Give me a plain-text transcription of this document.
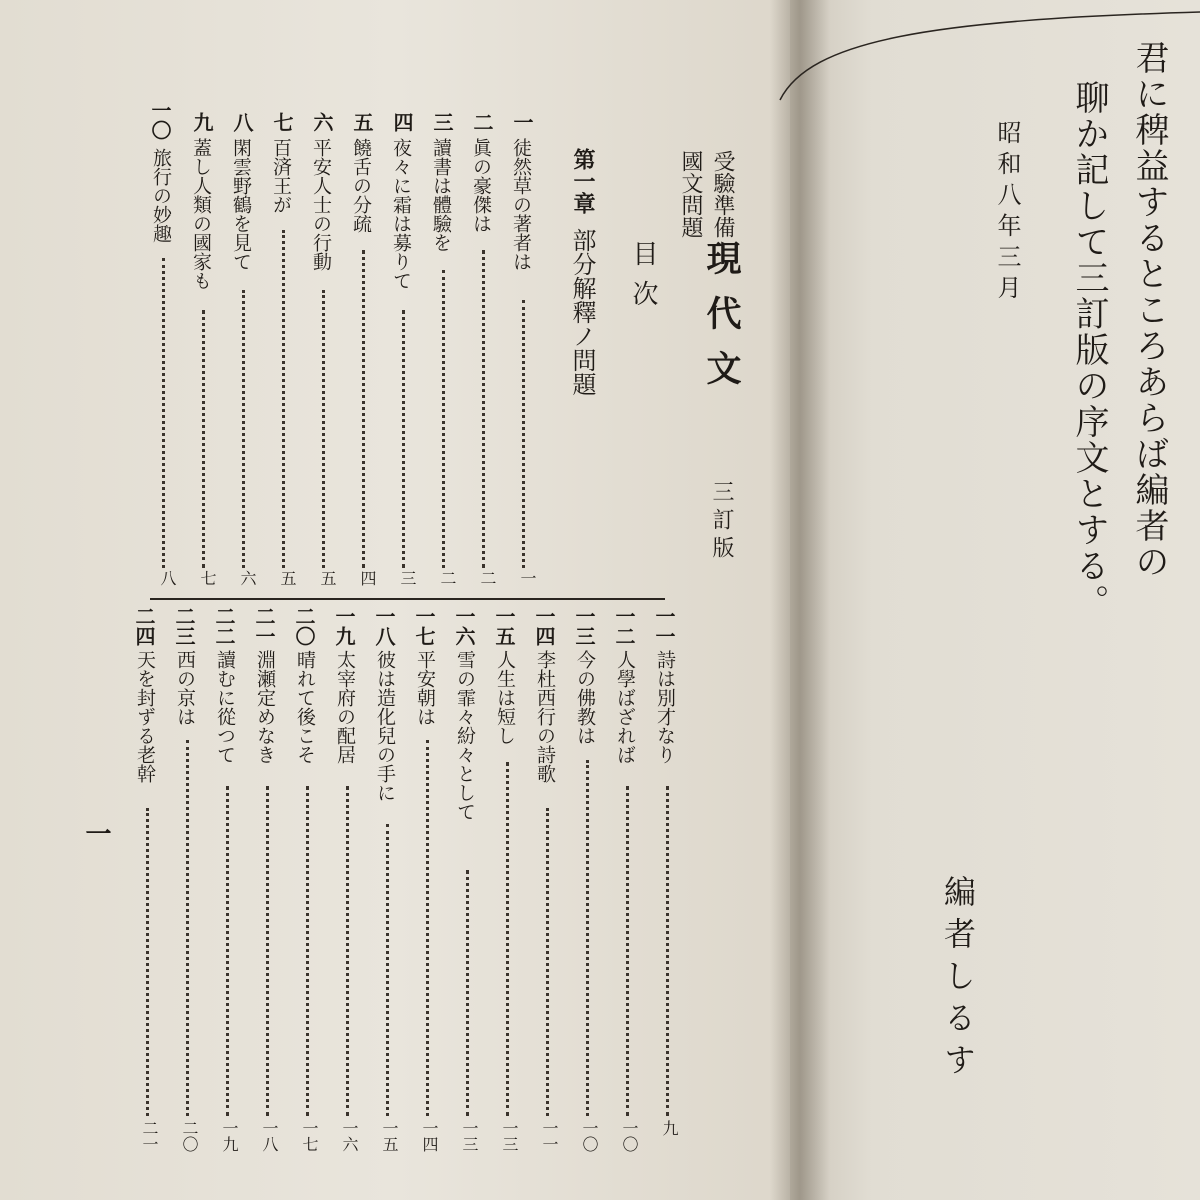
受驗準備
國文問題
現代文
三訂版
目次
第一章  部分解釋ノ問題
一
徒然草の著者は
一
二
眞の豪傑は
二
三
讀書は體驗を
二
四
夜々に霜は募りて
三
五
饒舌の分疏
四
六
平安人士の行動
五
七
百済王が
五
八
閑雲野鶴を見て
六
九
蓋し人類の國家も
七
一〇
旅行の妙趣
八
一一
詩は別才なり
九
一二
人學ばざれば
一〇
一三
今の佛教は
一〇
一四
李杜西行の詩歌
一一
一五
人生は短し
一三
一六
雪の霏々紛々として
一三
一七
平安朝は
一四
一八
彼は造化兒の手に
一五
一九
太宰府の配居
一六
二〇
晴れて後こそ
一七
二一
淵瀬定めなき
一八
二二
讀むに從つて
一九
二三
西の京は
二〇
二四
天を封ずる老幹
二一
一
君に稗益するところあらば編者の
聊か記して三訂版の序文とする。
昭和八年三月
編者しるす
